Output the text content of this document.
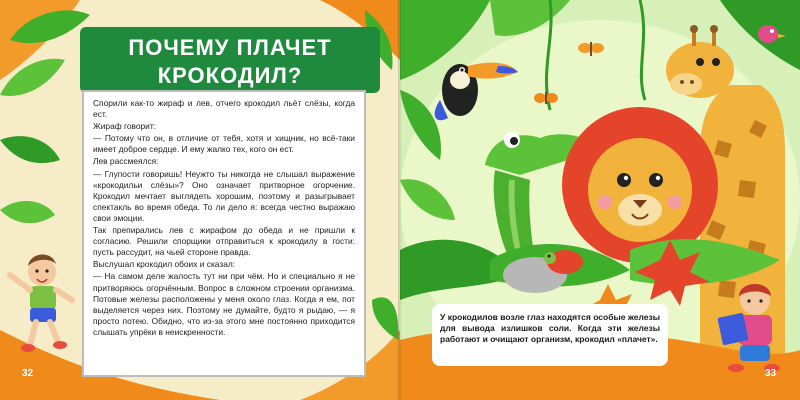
ПОЧЕМУ ПЛАЧЕТ
КРОКОДИЛ?

Спорили как-то жираф и лев, отчего крокодил льёт слёзы, когда ест.

Жираф говорит:

— Потому что он, в отличие от тебя, хотя и хищник, но всё-таки имеет доброе сердце. И ему жалко тех, кого он ест.

Лев рассмеялся:

— Глупости говоришь! Неужто ты никогда не слышал выражение «крокодильи слёзы»? Оно означает притворное огорчение. Крокодил мечтает выглядеть хорошим, поэтому и разыгрывает спектакль во время обеда. То ли дело я: всегда честно выражаю свои эмоции.

Так препирались лев с жирафом до обеда и не пришли к согласию. Решили спорщики отправиться к крокодилу в гости: пусть рассудит, на чьей стороне правда.

Выслушал крокодил обоих и сказал:

— На самом деле жалость тут ни при чём. Но и специально я не притворяюсь огорчённым. Вопрос в сложном строении организма. Потовые железы расположены у меня около глаз. Когда я ем, пот выделяется через них. Поэтому не думайте, будто я рыдаю, — я просто потею. Обидно, что из-за этого мне постоянно приходится слышать упрёки в неискренности.

32

У крокодилов возле глаз находятся особые железы для вывода излишков соли. Когда эти железы работают и очищают организм, крокодил «плачет».

33
